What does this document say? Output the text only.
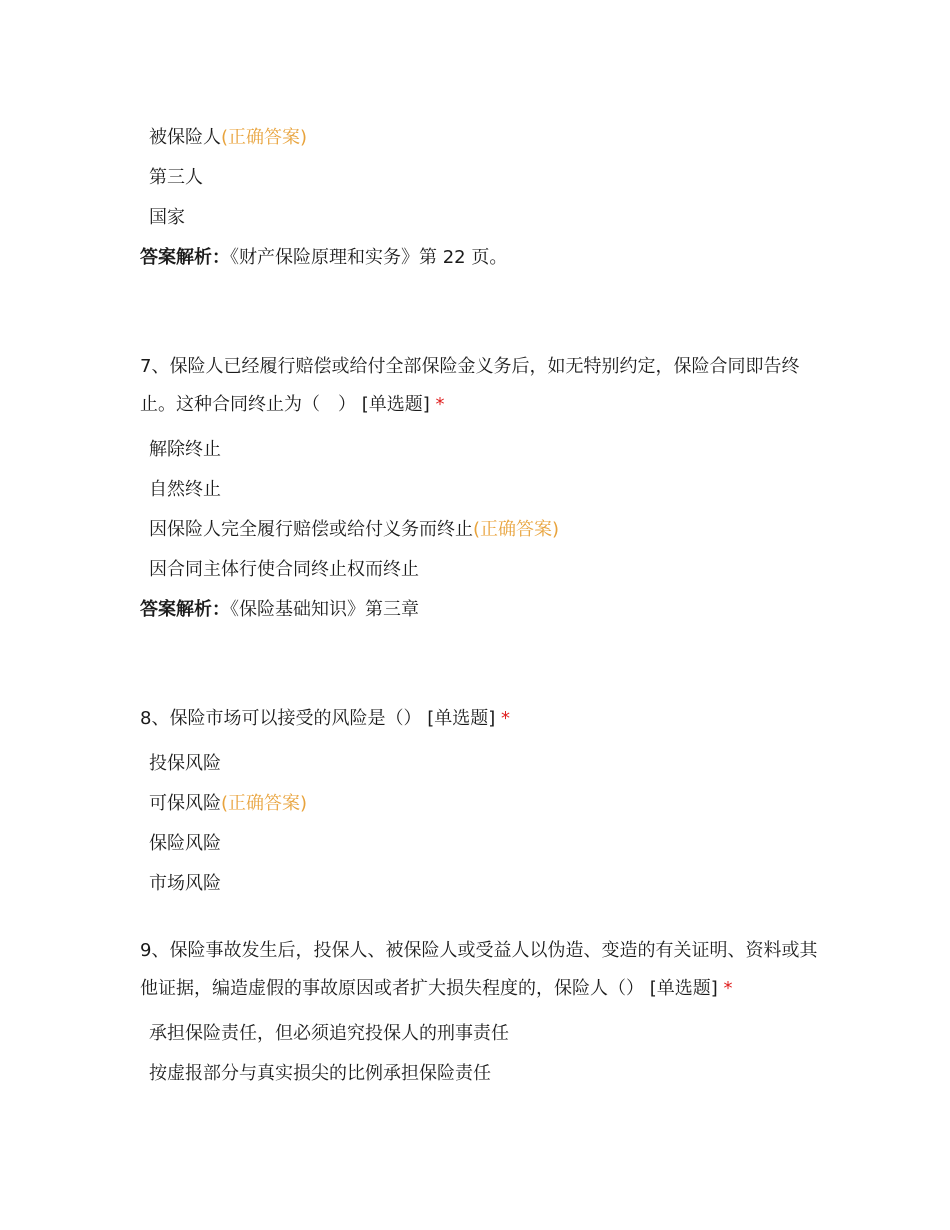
被保险人(正确答案)
第三人
国家
答案解析：《财产保险原理和实务》第 22 页。
7、保险人已经履行赔偿或给付全部保险金义务后，如无特别约定，保险合同即告终止。这种合同终止为（　） [单选题] *
解除终止
自然终止
因保险人完全履行赔偿或给付义务而终止(正确答案)
因合同主体行使合同终止权而终止
答案解析：《保险基础知识》第三章
8、保险市场可以接受的风险是（） [单选题] *
投保风险
可保风险(正确答案)
保险风险
市场风险
9、保险事故发生后，投保人、被保险人或受益人以伪造、变造的有关证明、资料或其他证据，编造虚假的事故原因或者扩大损失程度的，保险人（） [单选题] *
承担保险责任，但必须追究投保人的刑事责任
按虚报部分与真实损尖的比例承担保险责任
